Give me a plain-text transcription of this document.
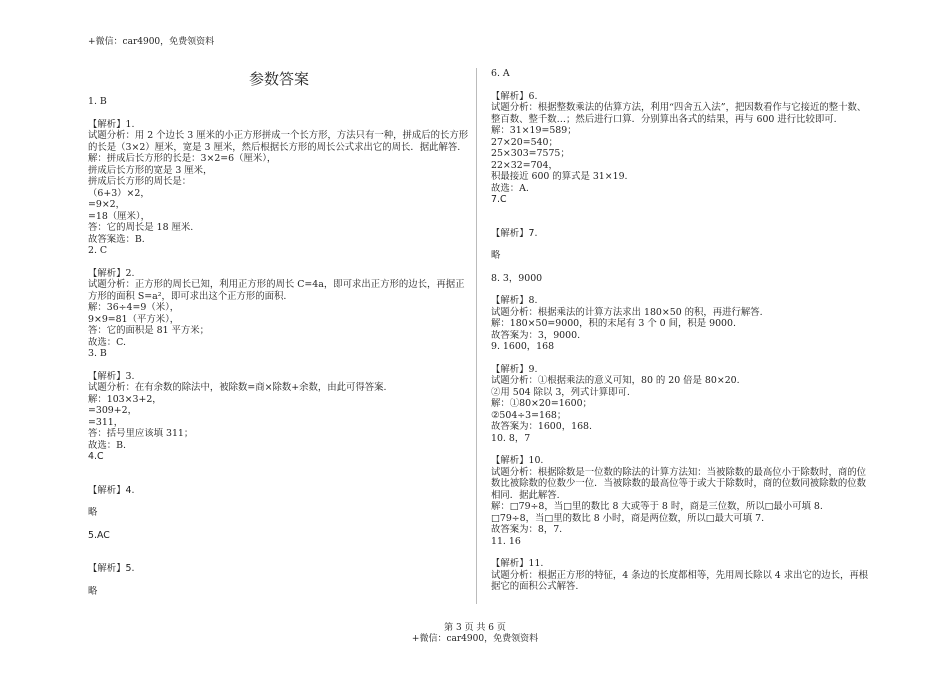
+微信：car4900，免费领资料
参数答案
1. B
【解析】1.
试题分析：用 2 个边长 3 厘米的小正方形拼成一个长方形，方法只有一种，拼成后的长方形的长是（3×2）厘米，宽是 3 厘米，然后根据长方形的周长公式求出它的周长．据此解答.
解：拼成后长方形的长是：3×2=6（厘米），
拼成后长方形的宽是 3 厘米，
拼成后长方形的周长是：
（6+3）×2，
=9×2，
=18（厘米），
答：它的周长是 18 厘米.
故答案选：B.
2. C
【解析】2.
试题分析：正方形的周长已知，利用正方形的周长 C=4a，即可求出正方形的边长，再据正方形的面积 S=a²，即可求出这个正方形的面积.
解：36÷4=9（米），
9×9=81（平方米），
答：它的面积是 81 平方米；
故选：C.
3. B
【解析】3.
试题分析：在有余数的除法中，被除数=商×除数+余数，由此可得答案.
解：103×3+2，
=309+2，
=311，
答：括号里应该填 311；
故选：B.
4.C
【解析】4.
略
5.AC
【解析】5.
略
6. A
【解析】6.
试题分析：根据整数乘法的估算方法，利用“四舍五入法”，把因数看作与它接近的整十数、整百数、整千数…；然后进行口算．分别算出各式的结果，再与 600 进行比较即可.
解：31×19=589；
27×20=540；
25×303=7575；
22×32=704，
积最接近 600 的算式是 31×19.
故选：A.
7.C
【解析】7.
略
8. 3，9000
【解析】8.
试题分析：根据乘法的计算方法求出 180×50 的积，再进行解答.
解：180×50=9000，积的末尾有 3 个 0 间，积是 9000.
故答案为：3，9000.
9. 1600，168
【解析】9.
试题分析：①根据乘法的意义可知，80 的 20 倍是 80×20.
②用 504 除以 3，列式计算即可.
解：①80×20=1600；
②504÷3=168；
故答案为：1600，168.
10. 8，7
【解析】10.
试题分析：根据除数是一位数的除法的计算方法知：当被除数的最高位小于除数时，商的位数比被除数的位数少一位．当被除数的最高位等于或大于除数时，商的位数同被除数的位数相同．据此解答.
解：□79÷8，当□里的数比 8 大或等于 8 时，商是三位数，所以□最小可填 8.
□79÷8，当□里的数比 8 小时，商是两位数，所以□最大可填 7.
故答案为：8，7.
11. 16
【解析】11.
试题分析：根据正方形的特征，4 条边的长度都相等，先用周长除以 4 求出它的边长，再根据它的面积公式解答.
第 3 页 共 6 页
+微信：car4900，免费领资料
